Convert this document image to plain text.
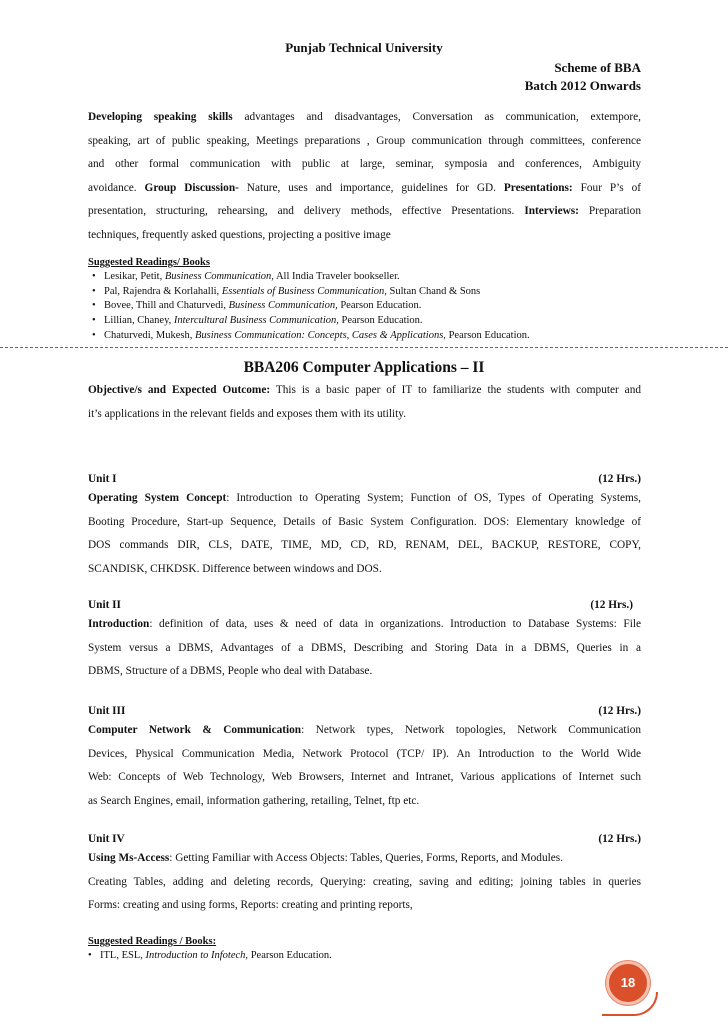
Punjab Technical University
Scheme of BBA
Batch 2012 Onwards
Developing speaking skills advantages and disadvantages, Conversation as communication, extempore,
speaking, art of public speaking, Meetings preparations , Group communication through committees, conference
and other formal communication with public at large, seminar, symposia and conferences, Ambiguity
avoidance. Group Discussion- Nature, uses and importance, guidelines for GD. Presentations: Four P’s of
presentation, structuring, rehearsing, and delivery methods, effective Presentations. Interviews: Preparation
techniques, frequently asked questions, projecting a positive image
Suggested Readings/ Books
• Lesikar, Petit, Business Communication, All India Traveler bookseller.
• Pal, Rajendra & Korlahalli, Essentials of Business Communication, Sultan Chand & Sons
• Bovee, Thill and Chaturvedi, Business Communication, Pearson Education.
• Lillian, Chaney, Intercultural Business Communication, Pearson Education.
• Chaturvedi, Mukesh, Business Communication: Concepts, Cases & Applications, Pearson Education.
BBA206 Computer Applications – II
Objective/s and Expected Outcome: This is a basic paper of IT to familiarize the students with computer and
it’s applications in the relevant fields and exposes them with its utility.
Unit I	(12 Hrs.)
Operating System Concept: Introduction to Operating System; Function of OS, Types of Operating Systems,
Booting Procedure, Start-up Sequence, Details of Basic System Configuration. DOS: Elementary knowledge of
DOS commands DIR, CLS, DATE, TIME, MD, CD, RD, RENAM, DEL, BACKUP, RESTORE, COPY,
SCANDISK, CHKDSK. Difference between windows and DOS.
Unit II	(12 Hrs.)
Introduction: definition of data, uses & need of data in organizations. Introduction to Database Systems: File
System versus a DBMS, Advantages of a DBMS, Describing and Storing Data in a DBMS, Queries in a
DBMS, Structure of a DBMS, People who deal with Database.
Unit III	(12 Hrs.)
Computer Network & Communication: Network types, Network topologies, Network Communication
Devices, Physical Communication Media, Network Protocol (TCP/ IP). An Introduction to the World Wide
Web: Concepts of Web Technology, Web Browsers, Internet and Intranet, Various applications of Internet such
as Search Engines, email, information gathering, retailing, Telnet, ftp etc.
Unit IV	(12 Hrs.)
Using Ms-Access: Getting Familiar with Access Objects: Tables, Queries, Forms, Reports, and Modules.
Creating Tables, adding and deleting records, Querying: creating, saving and editing; joining tables in queries
Forms: creating and using forms, Reports: creating and printing reports,
Suggested Readings / Books:
• ITL, ESL, Introduction to Infotech, Pearson Education.
18
